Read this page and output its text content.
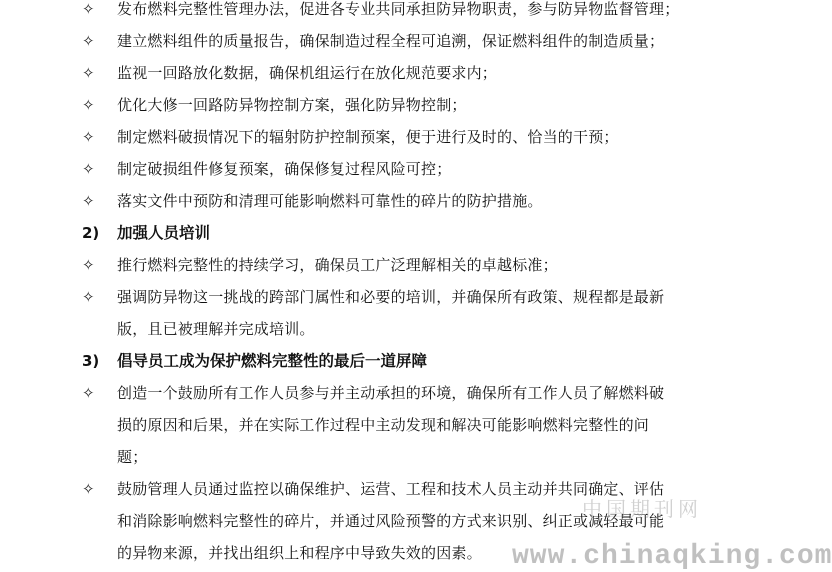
✧	发布燃料完整性管理办法，促进各专业共同承担防异物职责，参与防异物监督管理；
✧	建立燃料组件的质量报告，确保制造过程全程可追溯，保证燃料组件的制造质量；
✧	监视一回路放化数据，确保机组运行在放化规范要求内；
✧	优化大修一回路防异物控制方案，强化防异物控制；
✧	制定燃料破损情况下的辐射防护控制预案，便于进行及时的、恰当的干预；
✧	制定破损组件修复预案，确保修复过程风险可控；
✧	落实文件中预防和清理可能影响燃料可靠性的碎片的防护措施。
2) 加强人员培训
✧	推行燃料完整性的持续学习，确保员工广泛理解相关的卓越标准；
✧	强调防异物这一挑战的跨部门属性和必要的培训，并确保所有政策、规程都是最新
版，且已被理解并完成培训。
3) 倡导员工成为保护燃料完整性的最后一道屏障
✧	创造一个鼓励所有工作人员参与并主动承担的环境，确保所有工作人员了解燃料破
损的原因和后果，并在实际工作过程中主动发现和解决可能影响燃料完整性的问
题；
✧	鼓励管理人员通过监控以确保维护、运营、工程和技术人员主动并共同确定、评估
和消除影响燃料完整性的碎片，并通过风险预警的方式来识别、纠正或减轻最可能
的异物来源，并找出组织上和程序中导致失效的因素。
中国期刊网
www.chinaqking.com
